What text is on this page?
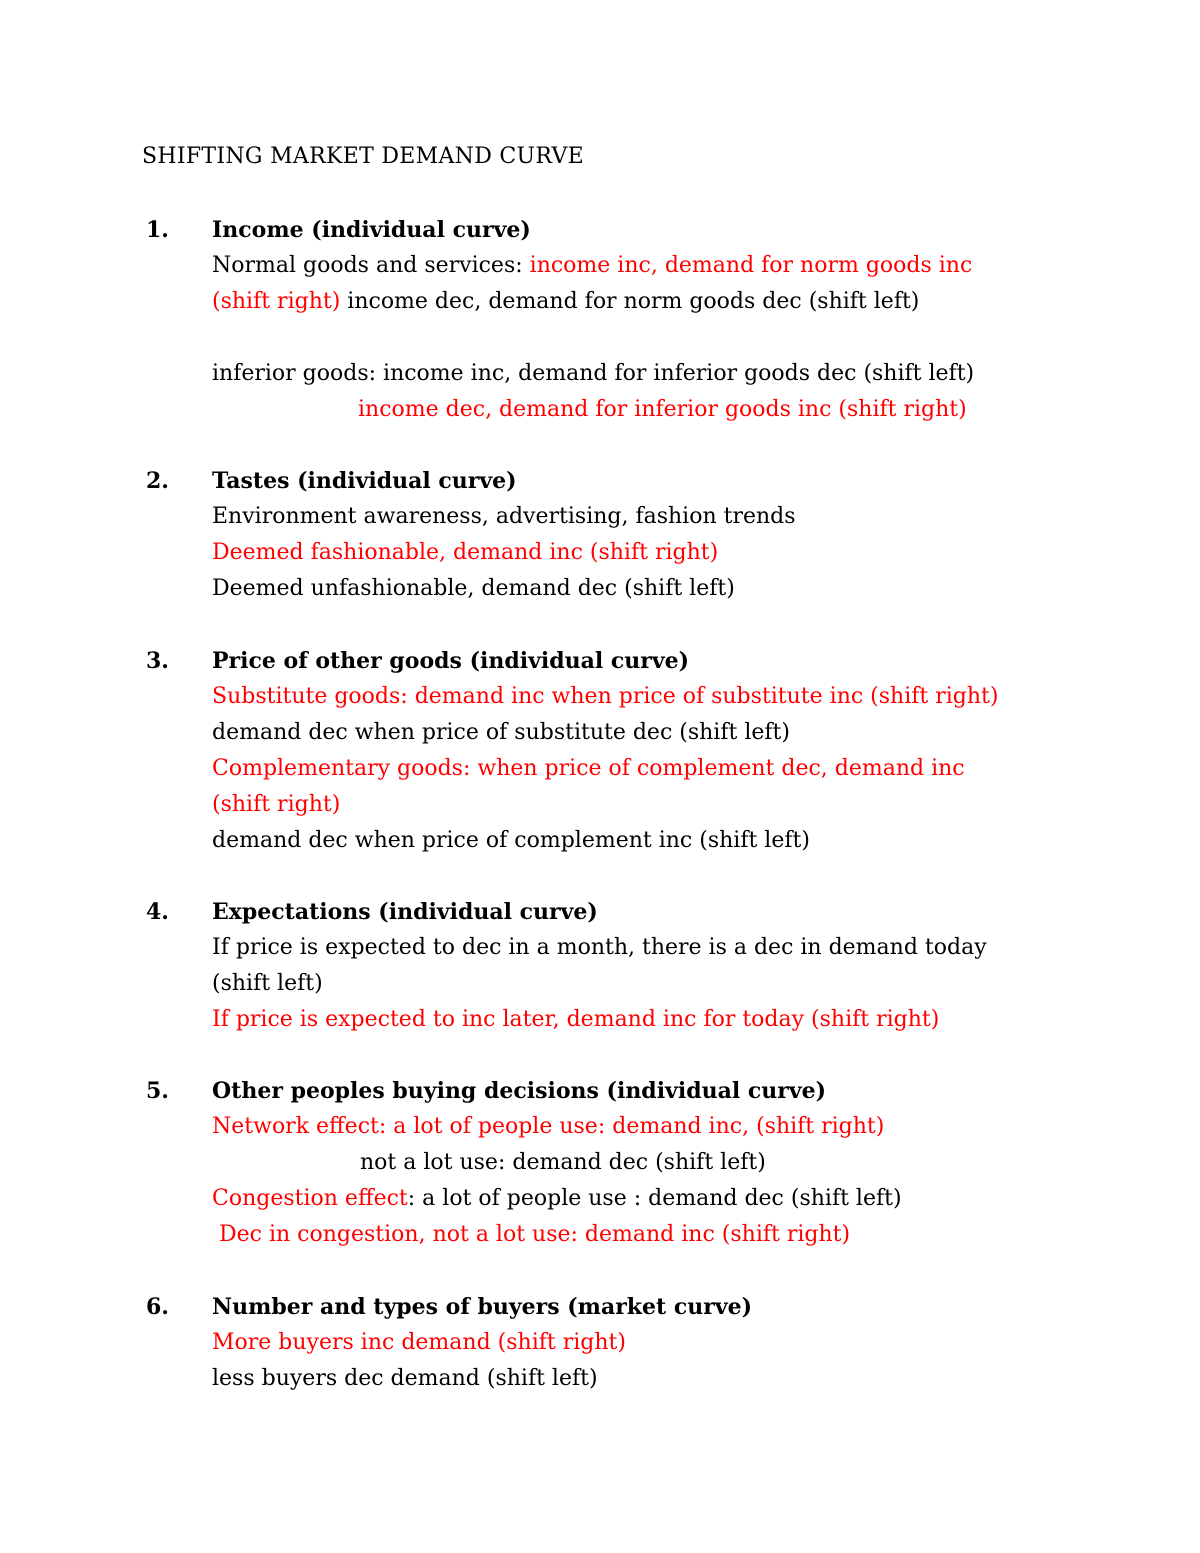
SHIFTING MARKET DEMAND CURVE
1. Income (individual curve)
Normal goods and services: income inc, demand for norm goods inc
(shift right) income dec, demand for norm goods dec (shift left)
inferior goods: income inc, demand for inferior goods dec (shift left)
income dec, demand for inferior goods inc (shift right)
2. Tastes (individual curve)
Environment awareness, advertising, fashion trends
Deemed fashionable, demand inc (shift right)
Deemed unfashionable, demand dec (shift left)
3. Price of other goods (individual curve)
Substitute goods: demand inc when price of substitute inc (shift right)
demand dec when price of substitute dec (shift left)
Complementary goods: when price of complement dec, demand inc
(shift right)
demand dec when price of complement inc (shift left)
4. Expectations (individual curve)
If price is expected to dec in a month, there is a dec in demand today
(shift left)
If price is expected to inc later, demand inc for today (shift right)
5. Other peoples buying decisions (individual curve)
Network effect: a lot of people use: demand inc, (shift right)
not a lot use: demand dec (shift left)
Congestion effect: a lot of people use : demand dec (shift left)
Dec in congestion, not a lot use: demand inc (shift right)
6. Number and types of buyers (market curve)
More buyers inc demand (shift right)
less buyers dec demand (shift left)
